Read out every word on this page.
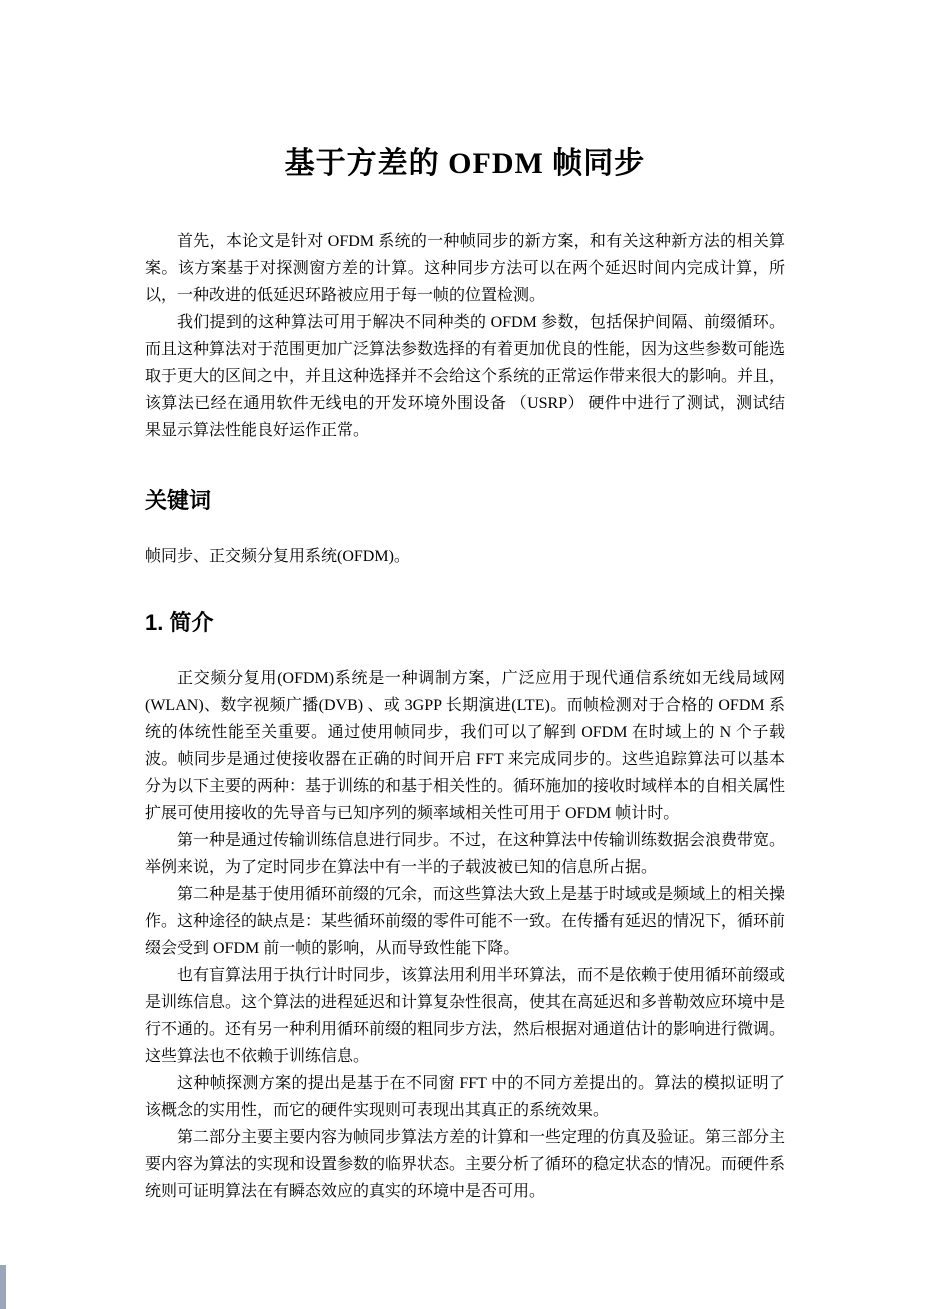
基于方差的 OFDM 帧同步

首先，本论文是针对 OFDM 系统的一种帧同步的新方案，和有关这种新方法的相关算案。该方案基于对探测窗方差的计算。这种同步方法可以在两个延迟时间内完成计算，所以，一种改进的低延迟环路被应用于每一帧的位置检测。

我们提到的这种算法可用于解决不同种类的 OFDM 参数，包括保护间隔、前缀循环。而且这种算法对于范围更加广泛算法参数选择的有着更加优良的性能，因为这些参数可能选取于更大的区间之中，并且这种选择并不会给这个系统的正常运作带来很大的影响。并且，该算法已经在通用软件无线电的开发环境外围设备 （USRP） 硬件中进行了测试，测试结果显示算法性能良好运作正常。

关键词

帧同步、正交频分复用系统(OFDM)。

1. 简介

正交频分复用(OFDM)系统是一种调制方案，广泛应用于现代通信系统如无线局域网(WLAN)、数字视频广播(DVB) 、或 3GPP 长期演进(LTE)。而帧检测对于合格的 OFDM 系统的体统性能至关重要。通过使用帧同步，我们可以了解到 OFDM 在时域上的 N 个子载波。帧同步是通过使接收器在正确的时间开启 FFT 来完成同步的。这些追踪算法可以基本分为以下主要的两种：基于训练的和基于相关性的。循环施加的接收时域样本的自相关属性扩展可使用接收的先导音与已知序列的频率域相关性可用于 OFDM 帧计时。

第一种是通过传输训练信息进行同步。不过，在这种算法中传输训练数据会浪费带宽。举例来说，为了定时同步在算法中有一半的子载波被已知的信息所占据。

第二种是基于使用循环前缀的冗余，而这些算法大致上是基于时域或是频域上的相关操作。这种途径的缺点是：某些循环前缀的零件可能不一致。在传播有延迟的情况下，循环前缀会受到 OFDM 前一帧的影响，从而导致性能下降。

也有盲算法用于执行计时同步，该算法用利用半环算法，而不是依赖于使用循环前缀或是训练信息。这个算法的进程延迟和计算复杂性很高，使其在高延迟和多普勒效应环境中是行不通的。还有另一种利用循环前缀的粗同步方法，然后根据对通道估计的影响进行微调。这些算法也不依赖于训练信息。

这种帧探测方案的提出是基于在不同窗 FFT 中的不同方差提出的。算法的模拟证明了该概念的实用性，而它的硬件实现则可表现出其真正的系统效果。

第二部分主要主要内容为帧同步算法方差的计算和一些定理的仿真及验证。第三部分主要内容为算法的实现和设置参数的临界状态。主要分析了循环的稳定状态的情况。而硬件系统则可证明算法在有瞬态效应的真实的环境中是否可用。
